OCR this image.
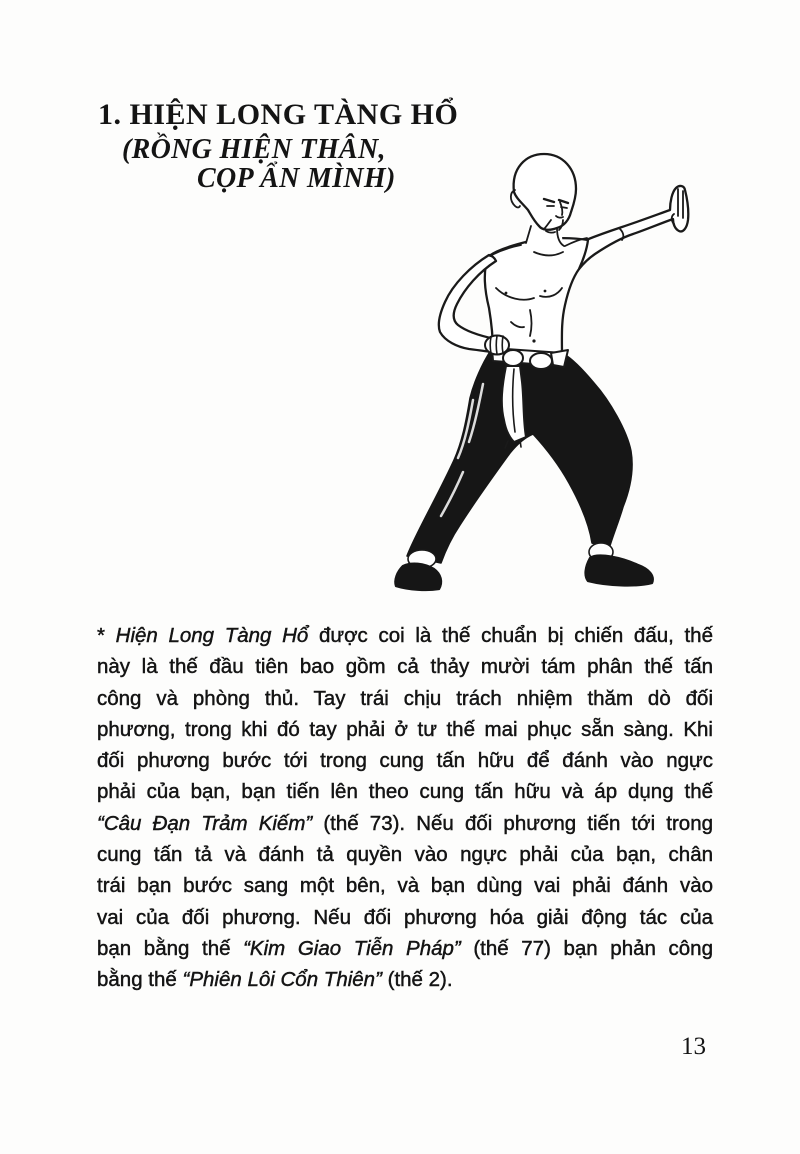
1. HIỆN LONG TÀNG HỔ
(RỒNG HIỆN THÂN,
CỌP ẨN MÌNH)
* Hiện Long Tàng Hổ được coi là thế chuẩn bị chiến đấu, thế
này là thế đầu tiên bao gồm cả thảy mười tám phân thế tấn
công và phòng thủ. Tay trái chịu trách nhiệm thăm dò đối
phương, trong khi đó tay phải ở tư thế mai phục sẵn sàng. Khi
đối phương bước tới trong cung tấn hữu để đánh vào ngực
phải của bạn, bạn tiến lên theo cung tấn hữu và áp dụng thế
“Câu Đạn Trảm Kiếm” (thế 73). Nếu đối phương tiến tới trong
cung tấn tả và đánh tả quyền vào ngực phải của bạn, chân
trái bạn bước sang một bên, và bạn dùng vai phải đánh vào
vai của đối phương. Nếu đối phương hóa giải động tác của
bạn bằng thế “Kim Giao Tiễn Pháp” (thế 77) bạn phản công
bằng thế “Phiên Lôi Cổn Thiên” (thế 2).
13
